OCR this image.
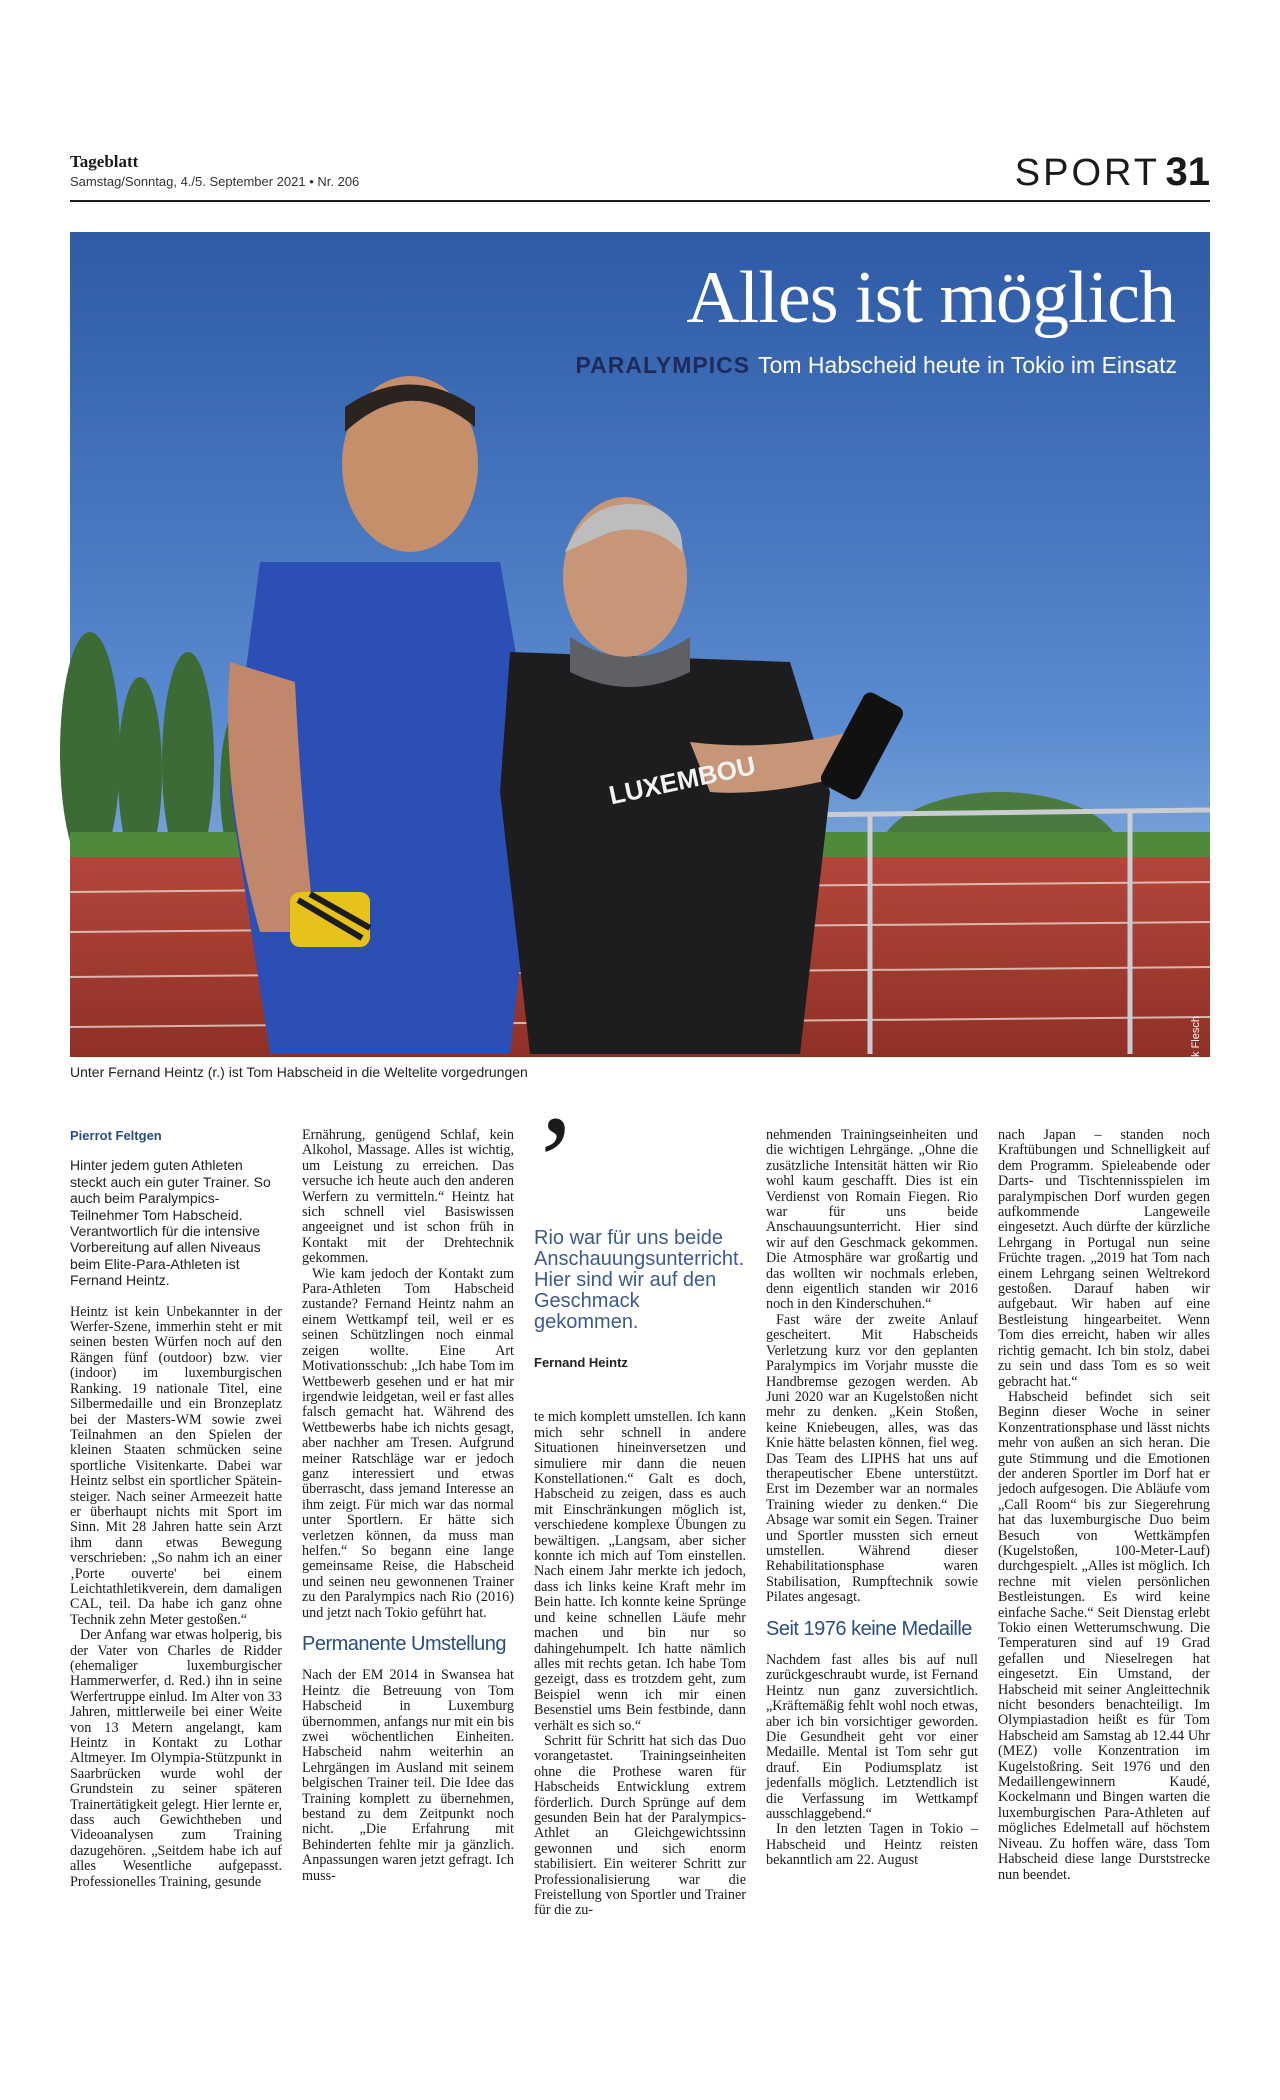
Tageblatt
Samstag/Sonntag, 4./5. September 2021 • Nr. 206	SPORT 31
LUXEMBOU
Alles ist möglich
PARALYMPICS Tom Habscheid heute in Tokio im Einsatz
Foto: Anouk Flesch
Unter Fernand Heintz (r.) ist Tom Habscheid in die Weltelite vorgedrungen
Pierrot Feltgen
Hinter jedem guten Athleten steckt auch ein guter Trainer. So auch beim Paralympics-Teilnehmer Tom Habscheid. Verantwortlich für die intensive Vorbereitung auf allen Niveaus beim Elite-Para-Athleten ist Fernand Heintz.

Heintz ist kein Unbekannter in der Werfer-Szene, immerhin steht er mit seinen besten Würfen noch auf den Rängen fünf (outdoor) bzw. vier (indoor) im luxemburgischen Ranking. 19 nationale Titel, eine Silbermedaille und ein Bronzeplatz bei der Masters-WM sowie zwei Teilnahmen an den Spielen der kleinen Staaten schmücken seine sportliche Visitenkarte. Dabei war Heintz selbst ein sportlicher Spätein-steiger. Nach seiner Armeezeit hatte er überhaupt nichts mit Sport im Sinn. Mit 28 Jahren hatte sein Arzt ihm dann etwas Bewegung verschrieben: „So nahm ich an einer ‚Porte ouverte' bei einem Leichtathletikverein, dem damaligen CAL, teil. Da habe ich ganz ohne Technik zehn Meter gestoßen.“

Der Anfang war etwas holperig, bis der Vater von Charles de Ridder (ehemaliger luxemburgischer Hammerwerfer, d. Red.) ihn in seine Werfertruppe einlud. Im Alter von 33 Jahren, mittlerweile bei einer Weite von 13 Metern angelangt, kam Heintz in Kontakt zu Lothar Altmeyer. Im Olympia-Stützpunkt in Saarbrücken wurde wohl der Grundstein zu seiner späteren Trainertätigkeit gelegt. Hier lernte er, dass auch Gewichtheben und Videoanalysen zum Training dazugehören. „Seitdem habe ich auf alles Wesentliche aufgepasst. Professionelles Training, gesunde

Ernährung, genügend Schlaf, kein Alkohol, Massage. Alles ist wichtig, um Leistung zu erreichen. Das versuche ich heute auch den anderen Werfern zu vermitteln.“ Heintz hat sich schnell viel Basiswissen angeeignet und ist schon früh in Kontakt mit der Drehtechnik gekommen.

Wie kam jedoch der Kontakt zum Para-Athleten Tom Habscheid zustande? Fernand Heintz nahm an einem Wettkampf teil, weil er es seinen Schützlingen noch einmal zeigen wollte. Eine Art Motivationsschub: „Ich habe Tom im Wettbewerb gesehen und er hat mir irgendwie leidgetan, weil er fast alles falsch gemacht hat. Während des Wettbewerbs habe ich nichts gesagt, aber nachher am Tresen. Aufgrund meiner Ratschläge war er jedoch ganz interessiert und etwas überrascht, dass jemand Interesse an ihm zeigt. Für mich war das normal unter Sportlern. Er hätte sich verletzen können, da muss man helfen.“ So begann eine lange gemeinsame Reise, die Habscheid und seinen neu gewonnenen Trainer zu den Paralympics nach Rio (2016) und jetzt nach Tokio geführt hat.

Permanente Umstellung

Nach der EM 2014 in Swansea hat Heintz die Betreuung von Tom Habscheid in Luxemburg übernommen, anfangs nur mit ein bis zwei wöchentlichen Einheiten. Habscheid nahm weiterhin an Lehrgängen im Ausland mit seinem belgischen Trainer teil. Die Idee das Training komplett zu übernehmen, bestand zu dem Zeitpunkt noch nicht. „Die Erfahrung mit Behinderten fehlte mir ja gänzlich. Anpassungen waren jetzt gefragt. Ich muss-

’
Rio war für uns beide Anschauungsunterricht. Hier sind wir auf den Geschmack gekommen.
Fernand Heintz

te mich komplett umstellen. Ich kann mich sehr schnell in andere Situationen hineinversetzen und simuliere mir dann die neuen Konstellationen.“ Galt es doch, Habscheid zu zeigen, dass es auch mit Einschränkungen möglich ist, verschiedene komplexe Übungen zu bewältigen. „Langsam, aber sicher konnte ich mich auf Tom einstellen. Nach einem Jahr merkte ich jedoch, dass ich links keine Kraft mehr im Bein hatte. Ich konnte keine Sprünge und keine schnellen Läufe mehr machen und bin nur so dahingehumpelt. Ich hatte nämlich alles mit rechts getan. Ich habe Tom gezeigt, dass es trotzdem geht, zum Beispiel wenn ich mir einen Besenstiel ums Bein festbinde, dann verhält es sich so.“

Schritt für Schritt hat sich das Duo vorangetastet. Trainingseinheiten ohne die Prothese waren für Habscheids Entwicklung extrem förderlich. Durch Sprünge auf dem gesunden Bein hat der Paralympics-Athlet an Gleichgewichtssinn gewonnen und sich enorm stabilisiert. Ein weiterer Schritt zur Professionalisierung war die Freistellung von Sportler und Trainer für die zu-

nehmenden Trainingseinheiten und die wichtigen Lehrgänge. „Ohne die zusätzliche Intensität hätten wir Rio wohl kaum geschafft. Dies ist ein Verdienst von Romain Fiegen. Rio war für uns beide Anschauungsunterricht. Hier sind wir auf den Geschmack gekommen. Die Atmosphäre war großartig und das wollten wir nochmals erleben, denn eigentlich standen wir 2016 noch in den Kinderschuhen.“

Fast wäre der zweite Anlauf gescheitert. Mit Habscheids Verletzung kurz vor den geplanten Paralympics im Vorjahr musste die Handbremse gezogen werden. Ab Juni 2020 war an Kugelstoßen nicht mehr zu denken. „Kein Stoßen, keine Kniebeugen, alles, was das Knie hätte belasten können, fiel weg. Das Team des LIPHS hat uns auf therapeutischer Ebene unterstützt. Erst im Dezember war an normales Training wieder zu denken.“ Die Absage war somit ein Segen. Trainer und Sportler mussten sich erneut umstellen. Während dieser Rehabilitationsphase waren Stabilisation, Rumpftechnik sowie Pilates angesagt.

Seit 1976 keine Medaille

Nachdem fast alles bis auf null zurückgeschraubt wurde, ist Fernand Heintz nun ganz zuversichtlich. „Kräftemäßig fehlt wohl noch etwas, aber ich bin vorsichtiger geworden. Die Gesundheit geht vor einer Medaille. Mental ist Tom sehr gut drauf. Ein Podiumsplatz ist jedenfalls möglich. Letztendlich ist die Verfassung im Wettkampf ausschlaggebend.“

In den letzten Tagen in Tokio – Habscheid und Heintz reisten bekanntlich am 22. August

nach Japan – standen noch Kraftübungen und Schnelligkeit auf dem Programm. Spieleabende oder Darts- und Tischtennisspielen im paralympischen Dorf wurden gegen aufkommende Langeweile eingesetzt. Auch dürfte der kürzliche Lehrgang in Portugal nun seine Früchte tragen. „2019 hat Tom nach einem Lehrgang seinen Weltrekord gestoßen. Darauf haben wir aufgebaut. Wir haben auf eine Bestleistung hingearbeitet. Wenn Tom dies erreicht, haben wir alles richtig gemacht. Ich bin stolz, dabei zu sein und dass Tom es so weit gebracht hat.“

Habscheid befindet sich seit Beginn dieser Woche in seiner Konzentrationsphase und lässt nichts mehr von außen an sich heran. Die gute Stimmung und die Emotionen der anderen Sportler im Dorf hat er jedoch aufgesogen. Die Abläufe vom „Call Room“ bis zur Siegerehrung hat das luxemburgische Duo beim Besuch von Wettkämpfen (Kugelstoßen, 100-Meter-Lauf) durchgespielt. „Alles ist möglich. Ich rechne mit vielen persönlichen Bestleistungen. Es wird keine einfache Sache.“ Seit Dienstag erlebt Tokio einen Wetterumschwung. Die Temperaturen sind auf 19 Grad gefallen und Nieselregen hat eingesetzt. Ein Umstand, der Habscheid mit seiner Angleittechnik nicht besonders benachteiligt. Im Olympiastadion heißt es für Tom Habscheid am Samstag ab 12.44 Uhr (MEZ) volle Konzentration im Kugelstoßring. Seit 1976 und den Medaillengewinnern Kaudé, Kockelmann und Bingen warten die luxemburgischen Para-Athleten auf mögliches Edelmetall auf höchstem Niveau. Zu hoffen wäre, dass Tom Habscheid diese lange Durststrecke nun beendet.
